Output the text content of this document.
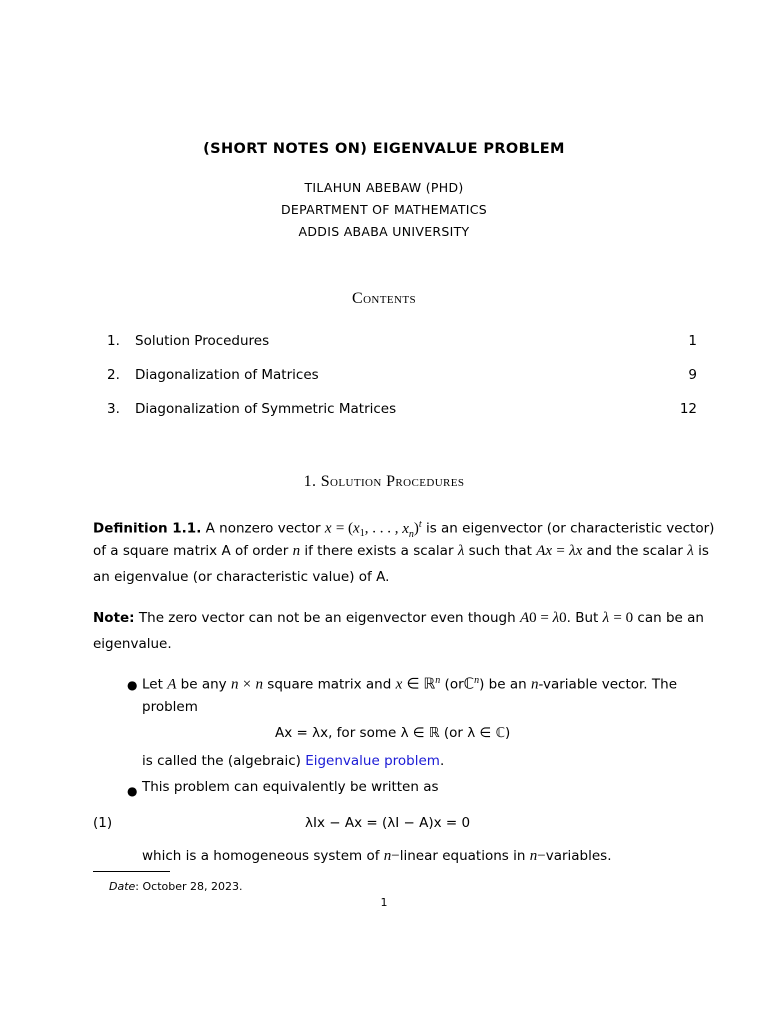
(SHORT NOTES ON) EIGENVALUE PROBLEM
TILAHUN ABEBAW (PHD)
DEPARTMENT OF MATHEMATICS
ADDIS ABABA UNIVERSITY
Contents
1. Solution Procedures	1
2. Diagonalization of Matrices	9
3. Diagonalization of Symmetric Matrices	12
1. Solution Procedures
Definition 1.1. A nonzero vector $x = (x_1$, . . . , $x_n)^t$ is an eigenvector (or characteristic vector)
of a square matrix A of order n if there exists a scalar λ such that Ax = λx and the scalar λ is
an eigenvalue (or characteristic value) of A.
Note: The zero vector can not be an eigenvector even though A0 = λ0. But λ = 0 can be an
eigenvalue.
● Let A be any n × n square matrix and x ∈ ℝ$^n$ (orℂ$^n$) be an n-variable vector. The
problem
Ax = λx, for some λ ∈ ℝ (or λ ∈ ℂ)
is called the (algebraic) Eigenvalue problem.
● This problem can equivalently be written as
(1)	λIx − Ax = (λI − A)x = 0
which is a homogeneous system of n−linear equations in n−variables.
Date: October 28, 2023.
1
